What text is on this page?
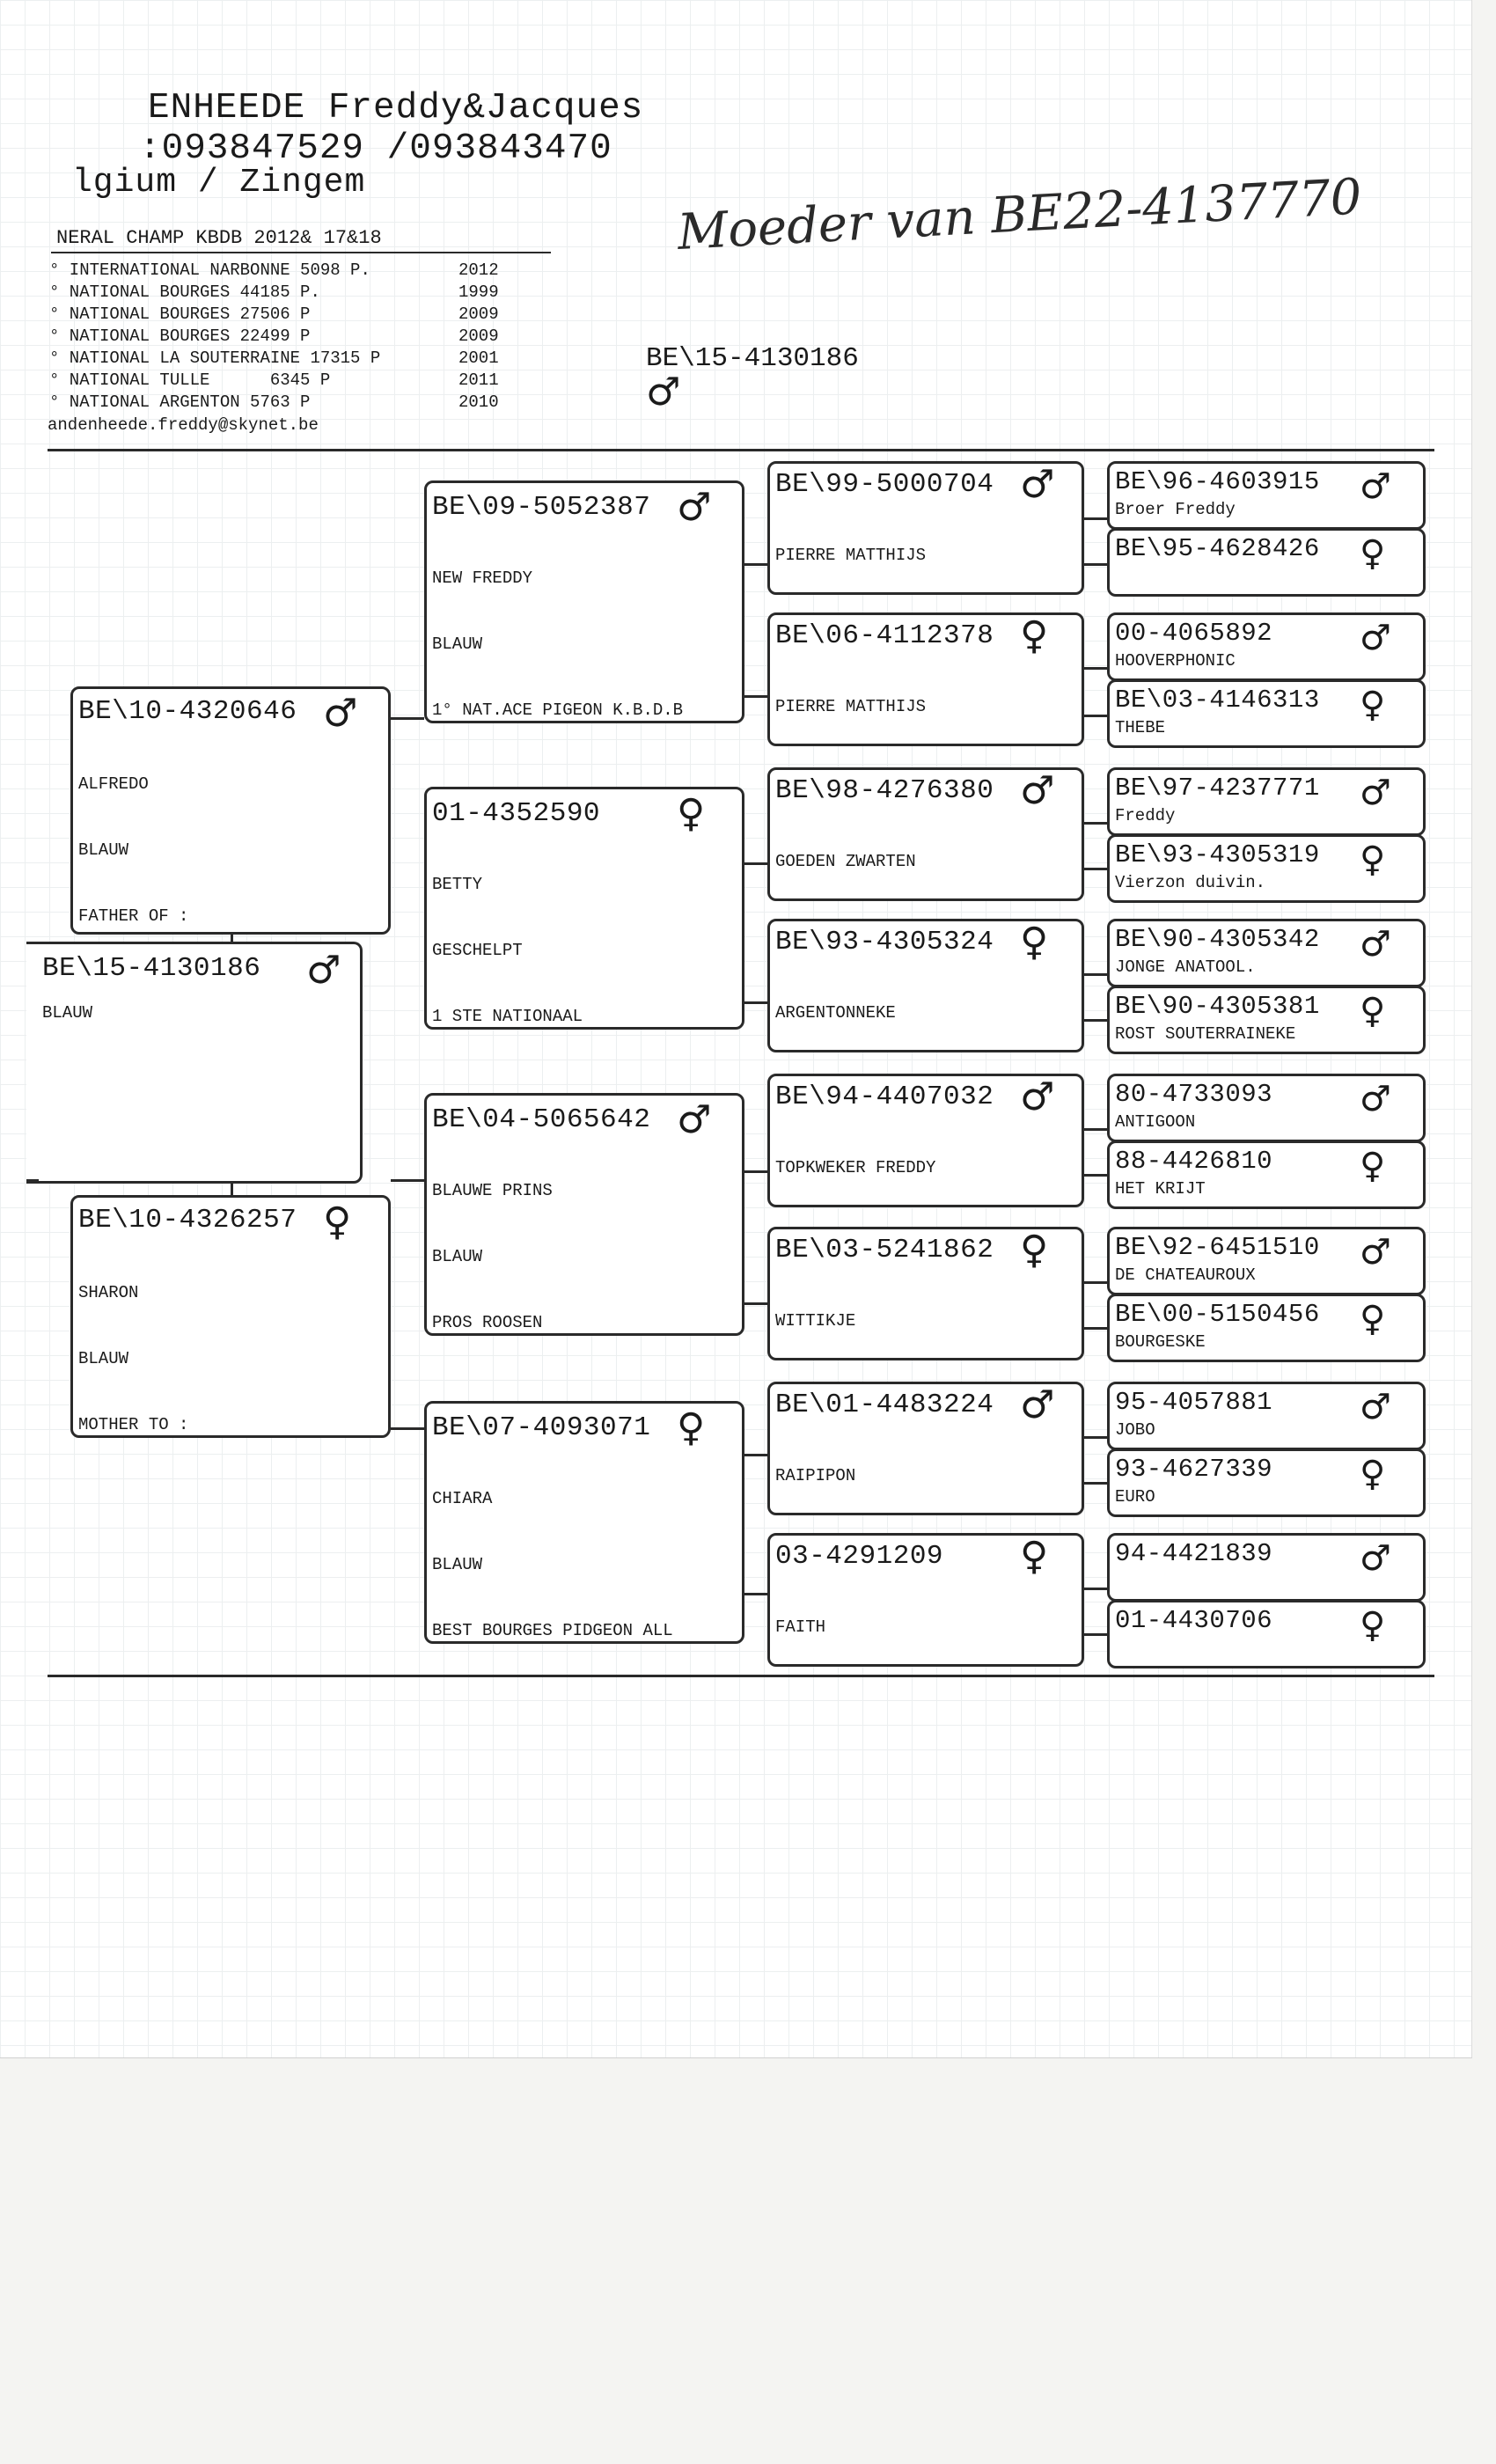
ENHEEDE Freddy&Jacques
:093847529 /093843470
lgium / Zingem
NERAL CHAMP KBDB 2012& 17&18
° INTERNATIONAL NARBONNE 5098 P.	2012
° NATIONAL BOURGES 44185 P.	1999
° NATIONAL BOURGES 27506 P	2009
° NATIONAL BOURGES 22499 P	2009
° NATIONAL LA SOUTERRAINE 17315 P	2001
° NATIONAL TULLE      6345 P	2011
° NATIONAL ARGENTON 5763 P	2010
andenheede.freddy@skynet.be
Moeder van BE22-4137770
BE\15-4130186
♂
BE\15-4130186 ♂
BLAUW
BE\10-4320646 ♂

ALFREDO

BLAUW

FATHER OF :

BE\10-4326257 ♀

SHARON

BLAUW

MOTHER TO :

BE\09-5052387 ♂

NEW FREDDY

BLAUW

1° NAT.ACE PIGEON K.B.D.B

01-4352590 ♀

BETTY

GESCHELPT

1 STE NATIONAAL

BE\04-5065642 ♂

BLAUWE PRINS

BLAUW

PROS ROOSEN

BE\07-4093071 ♀

CHIARA

BLAUW

BEST BOURGES PIDGEON ALL

BE\99-5000704 ♂

PIERRE MATTHIJS

BE\06-4112378 ♀

PIERRE MATTHIJS

BE\98-4276380 ♂

GOEDEN ZWARTEN

BE\93-4305324 ♀

ARGENTONNEKE

BE\94-4407032 ♂

TOPKWEKER FREDDY

BE\03-5241862 ♀

WITTIKJE

BE\01-4483224 ♂

RAIPIPON

03-4291209 ♀

FAITH

BE\96-4603915 ♂
Broer Freddy
BE\95-4628426 ♀
00-4065892 ♂
HOOVERPHONIC
BE\03-4146313 ♀
THEBE
BE\97-4237771 ♂
Freddy
BE\93-4305319 ♀
Vierzon duivin.
BE\90-4305342 ♂
JONGE ANATOOL.
BE\90-4305381 ♀
ROST SOUTERRAINEKE
80-4733093 ♂
ANTIGOON
88-4426810 ♀
HET KRIJT
BE\92-6451510 ♂
DE CHATEAUROUX
BE\00-5150456 ♀
BOURGESKE
95-4057881 ♂
JOBO
93-4627339 ♀
EURO
94-4421839 ♂
01-4430706 ♀
